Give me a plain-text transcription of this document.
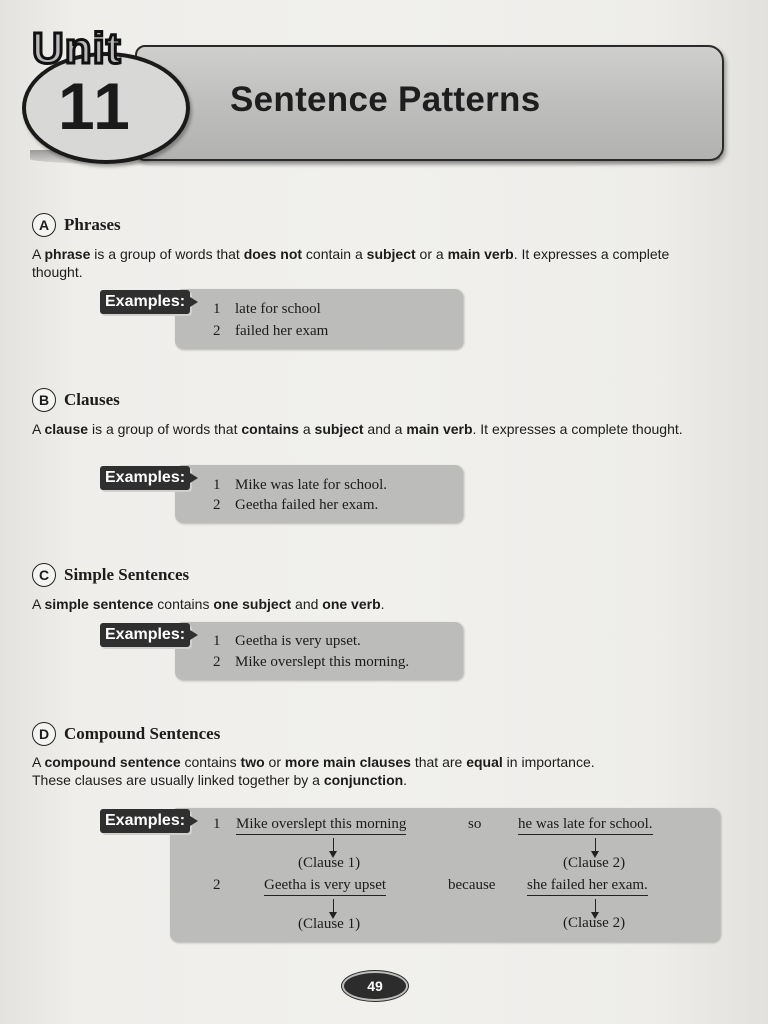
Unit
11	Sentence Patterns
A Phrases
A phrase is a group of words that does not contain a subject or a main verb. It expresses a complete thought.
Examples:	1 late for school
2 failed her exam
B Clauses
A clause is a group of words that contains a subject and a main verb. It expresses a complete thought.
Examples:	1 Mike was late for school.
2 Geetha failed her exam.
C Simple Sentences
A simple sentence contains one subject and one verb.
Examples:	1 Geetha is very upset.
2 Mike overslept this morning.
D Compound Sentences
A compound sentence contains two or more main clauses that are equal in importance.
These clauses are usually linked together by a conjunction.
Examples:	1 Mike overslept this morning	so he was late for school.
(Clause 1)	(Clause 2)
2	Geetha is very upset	because she failed her exam.
(Clause 1)	(Clause 2)
49
